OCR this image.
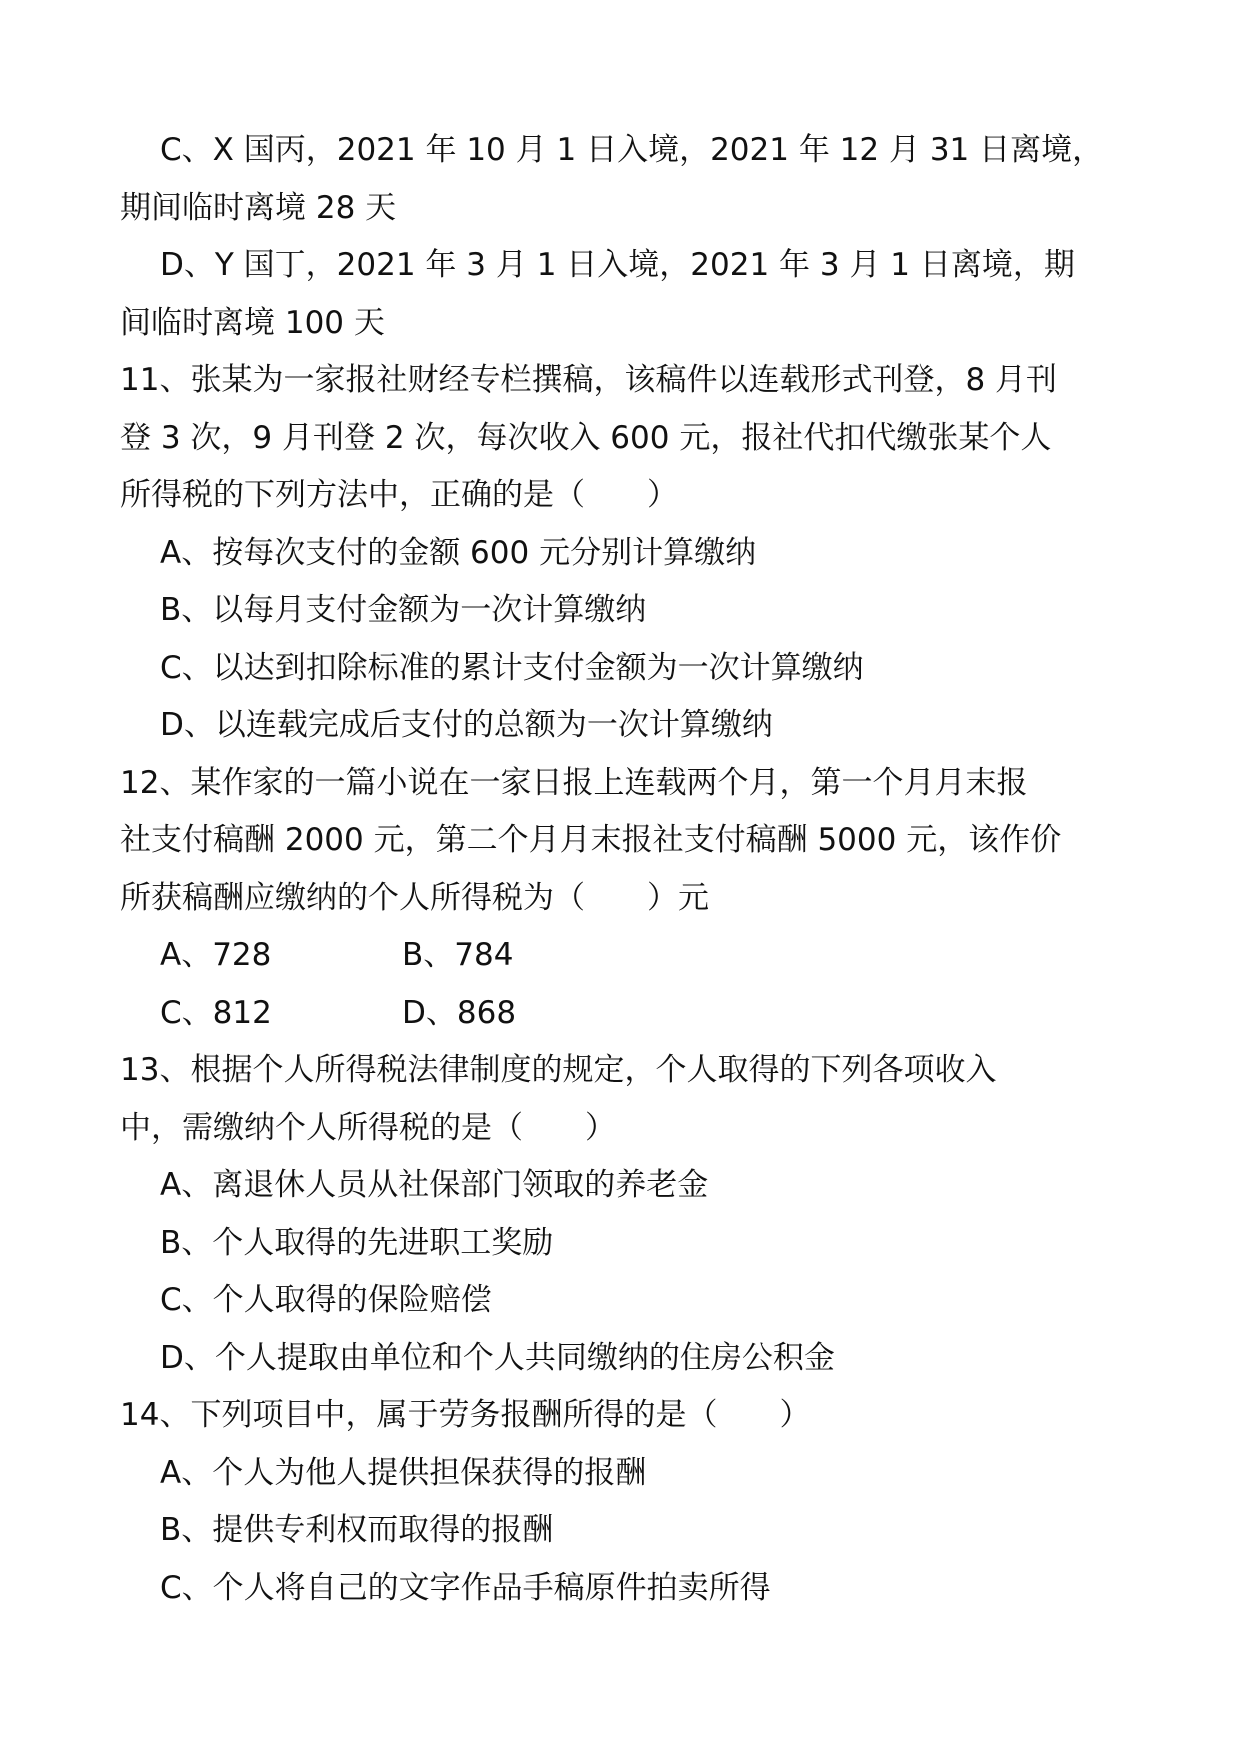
C、X 国丙，2021 年 10 月 1 日入境，2021 年 12 月 31 日离境，
期间临时离境 28 天
D、Y 国丁，2021 年 3 月 1 日入境，2021 年 3 月 1 日离境，期
间临时离境 100 天
11、张某为一家报社财经专栏撰稿，该稿件以连载形式刊登，8 月刊
登 3 次，9 月刊登 2 次，每次收入 600 元，报社代扣代缴张某个人
所得税的下列方法中，正确的是（　　）
A、按每次支付的金额 600 元分别计算缴纳
B、以每月支付金额为一次计算缴纳
C、以达到扣除标准的累计支付金额为一次计算缴纳
D、以连载完成后支付的总额为一次计算缴纳
12、某作家的一篇小说在一家日报上连载两个月，第一个月月末报
社支付稿酬 2000 元，第二个月月末报社支付稿酬 5000 元，该作价
所获稿酬应缴纳的个人所得税为（　　）元
A、728	B、784
C、812	D、868
13、根据个人所得税法律制度的规定，个人取得的下列各项收入
中，需缴纳个人所得税的是（　　）
A、离退休人员从社保部门领取的养老金
B、个人取得的先进职工奖励
C、个人取得的保险赔偿
D、个人提取由单位和个人共同缴纳的住房公积金
14、下列项目中，属于劳务报酬所得的是（　　）
A、个人为他人提供担保获得的报酬
B、提供专利权而取得的报酬
C、个人将自己的文字作品手稿原件拍卖所得
